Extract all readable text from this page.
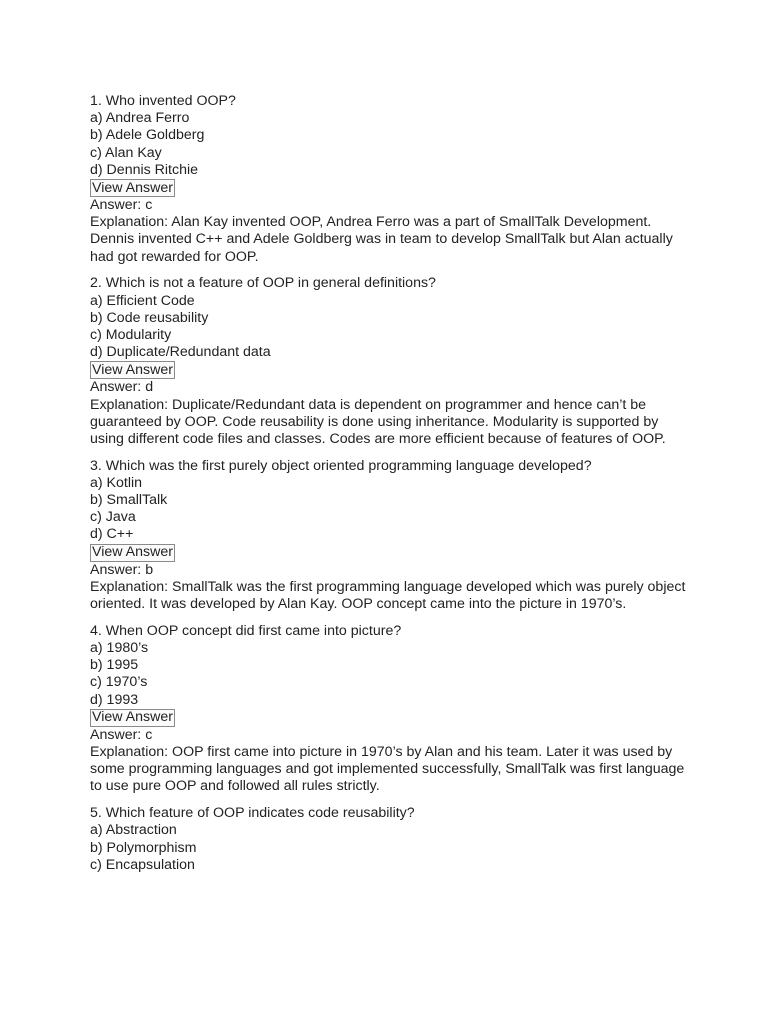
1. Who invented OOP?
a) Andrea Ferro
b) Adele Goldberg
c) Alan Kay
d) Dennis Ritchie
View Answer
Answer: c
Explanation: Alan Kay invented OOP, Andrea Ferro was a part of SmallTalk Development. Dennis invented C++ and Adele Goldberg was in team to develop SmallTalk but Alan actually had got rewarded for OOP.
2. Which is not a feature of OOP in general definitions?
a) Efficient Code
b) Code reusability
c) Modularity
d) Duplicate/Redundant data
View Answer
Answer: d
Explanation: Duplicate/Redundant data is dependent on programmer and hence can’t be guaranteed by OOP. Code reusability is done using inheritance. Modularity is supported by using different code files and classes. Codes are more efficient because of features of OOP.
3. Which was the first purely object oriented programming language developed?
a) Kotlin
b) SmallTalk
c) Java
d) C++
View Answer
Answer: b
Explanation: SmallTalk was the first programming language developed which was purely object oriented. It was developed by Alan Kay. OOP concept came into the picture in 1970’s.
4. When OOP concept did first came into picture?
a) 1980’s
b) 1995
c) 1970’s
d) 1993
View Answer
Answer: c
Explanation: OOP first came into picture in 1970’s by Alan and his team. Later it was used by some programming languages and got implemented successfully, SmallTalk was first language to use pure OOP and followed all rules strictly.
5. Which feature of OOP indicates code reusability?
a) Abstraction
b) Polymorphism
c) Encapsulation
